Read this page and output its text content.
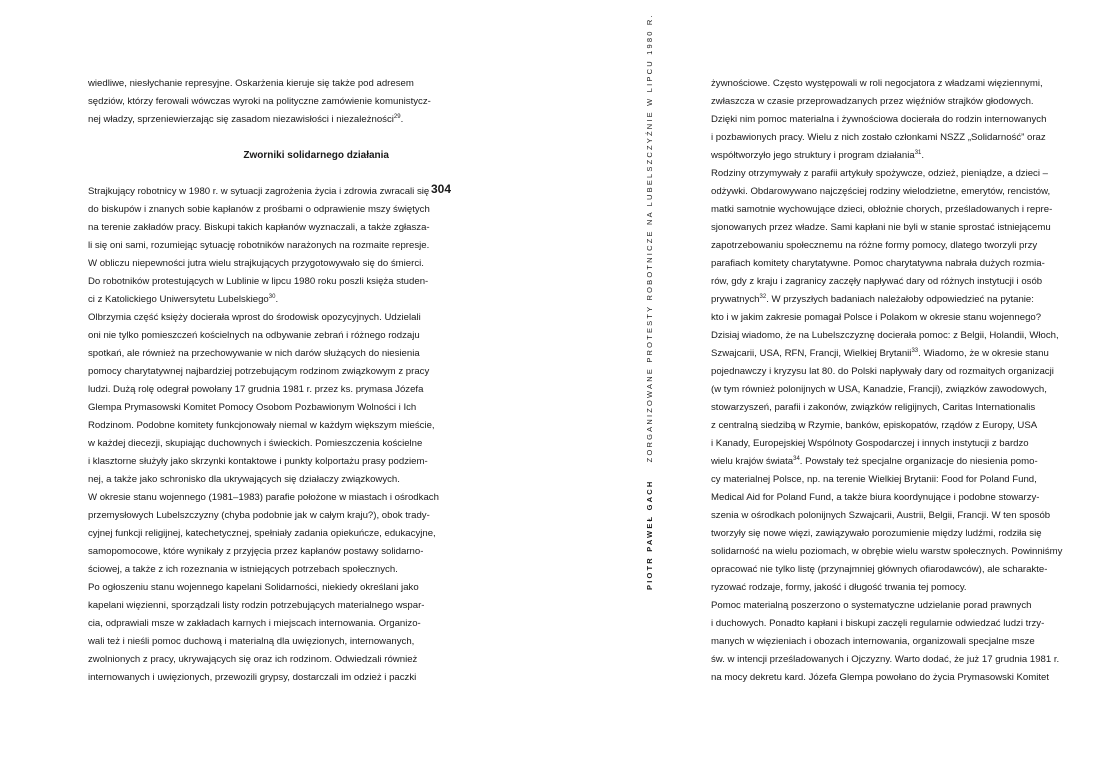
304
PIOTR PAWEŁ GACH    ZORGANIZOWANE PROTESTY ROBOTNICZE NA LUBELSZCZYŹNIE W LIPCU 1980 R.
Zworniki solidarnego działania
wiedliwe, niesłychanie represyjne. Oskarżenia kieruje się także pod adresem
sędziów, którzy ferowali wówczas wyroki na polityczne zamówienie komunistycz-
nej władzy, sprzeniewierzając się zasadom niezawisłości i niezależności$^{29}$.
Strajkujący robotnicy w 1980 r. w sytuacji zagrożenia życia i zdrowia zwracali się
do biskupów i znanych sobie kapłanów z prośbami o odprawienie mszy świętych
na terenie zakładów pracy. Biskupi takich kapłanów wyznaczali, a także zgłasza-
li się oni sami, rozumiejąc sytuację robotników narażonych na rozmaite represje.
W obliczu niepewności jutra wielu strajkujących przygotowywało się do śmierci.
Do robotników protestujących w Lublinie w lipcu 1980 roku poszli księża studen-
ci z Katolickiego Uniwersytetu Lubelskiego$^{30}$.
Olbrzymia część księży docierała wprost do środowisk opozycyjnych. Udzielali
oni nie tylko pomieszczeń kościelnych na odbywanie zebrań i różnego rodzaju
spotkań, ale również na przechowywanie w nich darów służących do niesienia
pomocy charytatywnej najbardziej potrzebującym rodzinom związkowym z pracy
ludzi. Dużą rolę odegrał powołany 17 grudnia 1981 r. przez ks. prymasa Józefa
Glempa Prymasowski Komitet Pomocy Osobom Pozbawionym Wolności i Ich
Rodzinom. Podobne komitety funkcjonowały niemal w każdym większym mieście,
w każdej diecezji, skupiając duchownych i świeckich. Pomieszczenia kościelne
i klasztorne służyły jako skrzynki kontaktowe i punkty kolportażu prasy podziem-
nej, a także jako schronisko dla ukrywających się działaczy związkowych.
W okresie stanu wojennego (1981–1983) parafie położone w miastach i ośrodkach
przemysłowych Lubelszczyzny (chyba podobnie jak w całym kraju?), obok trady-
cyjnej funkcji religijnej, katechetycznej, spełniały zadania opiekuńcze, edukacyjne,
samopomocowe, które wynikały z przyjęcia przez kapłanów postawy solidarno-
ściowej, a także z ich rozeznania w istniejących potrzebach społecznych.
Po ogłoszeniu stanu wojennego kapelani Solidarności, niekiedy określani jako
kapelani więzienni, sporządzali listy rodzin potrzebujących materialnego wspar-
cia, odprawiali msze w zakładach karnych i miejscach internowania. Organizo-
wali też i nieśli pomoc duchową i materialną dla uwięzionych, internowanych,
zwolnionych z pracy, ukrywających się oraz ich rodzinom. Odwiedzali również
internowanych i uwięzionych, przewozili grypsy, dostarczali im odzież i paczki
żywnościowe. Często występowali w roli negocjatora z władzami więziennymi,
zwłaszcza w czasie przeprowadzanych przez więźniów strajków głodowych.
Dzięki nim pomoc materialna i żywnościowa docierała do rodzin internowanych
i pozbawionych pracy. Wielu z nich zostało członkami NSZZ „Solidarność” oraz
współtworzyło jego struktury i program działania$^{31}$.
Rodziny otrzymywały z parafii artykuły spożywcze, odzież, pieniądze, a dzieci –
odżywki. Obdarowywano najczęściej rodziny wielodzietne, emerytów, rencistów,
matki samotnie wychowujące dzieci, obłożnie chorych, prześladowanych i repre-
sjonowanych przez władze. Sami kapłani nie byli w stanie sprostać istniejącemu
zapotrzebowaniu społecznemu na różne formy pomocy, dlatego tworzyli przy
parafiach komitety charytatywne. Pomoc charytatywna nabrała dużych rozmia-
rów, gdy z kraju i zagranicy zaczęły napływać dary od różnych instytucji i osób
prywatnych$^{32}$. W przyszłych badaniach należałoby odpowiedzieć na pytanie:
kto i w jakim zakresie pomagał Polsce i Polakom w okresie stanu wojennego?
Dzisiaj wiadomo, że na Lubelszczyznę docierała pomoc: z Belgii, Holandii, Włoch,
Szwajcarii, USA, RFN, Francji, Wielkiej Brytanii$^{33}$. Wiadomo, że w okresie stanu
pojednawczy i kryzysu lat 80. do Polski napływały dary od rozmaitych organizacji
(w tym również polonijnych w USA, Kanadzie, Francji), związków zawodowych,
stowarzyszeń, parafii i zakonów, związków religijnych, Caritas Internationalis
z centralną siedzibą w Rzymie, banków, episkopatów, rządów z Europy, USA
i Kanady, Europejskiej Wspólnoty Gospodarczej i innych instytucji z bardzo
wielu krajów świata$^{34}$. Powstały też specjalne organizacje do niesienia pomo-
cy materialnej Polsce, np. na terenie Wielkiej Brytanii: Food for Poland Fund,
Medical Aid for Poland Fund, a także biura koordynujące i podobne stowarzy-
szenia w ośrodkach polonijnych Szwajcarii, Austrii, Belgii, Francji. W ten sposób
tworzyły się nowe więzi, zawiązywało porozumienie między ludźmi, rodziła się
solidarność na wielu poziomach, w obrębie wielu warstw społecznych. Powinniśmy
opracować nie tylko listę (przynajmniej głównych ofiarodawców), ale scharakte-
ryzować rodzaje, formy, jakość i długość trwania tej pomocy.
Pomoc materialną poszerzono o systematyczne udzielanie porad prawnych
i duchowych. Ponadto kapłani i biskupi zaczęli regularnie odwiedzać ludzi trzy-
manych w więzieniach i obozach internowania, organizowali specjalne msze
św. w intencji prześladowanych i Ojczyzny. Warto dodać, że już 17 grudnia 1981 r.
na mocy dekretu kard. Józefa Glempa powołano do życia Prymasowski Komitet
